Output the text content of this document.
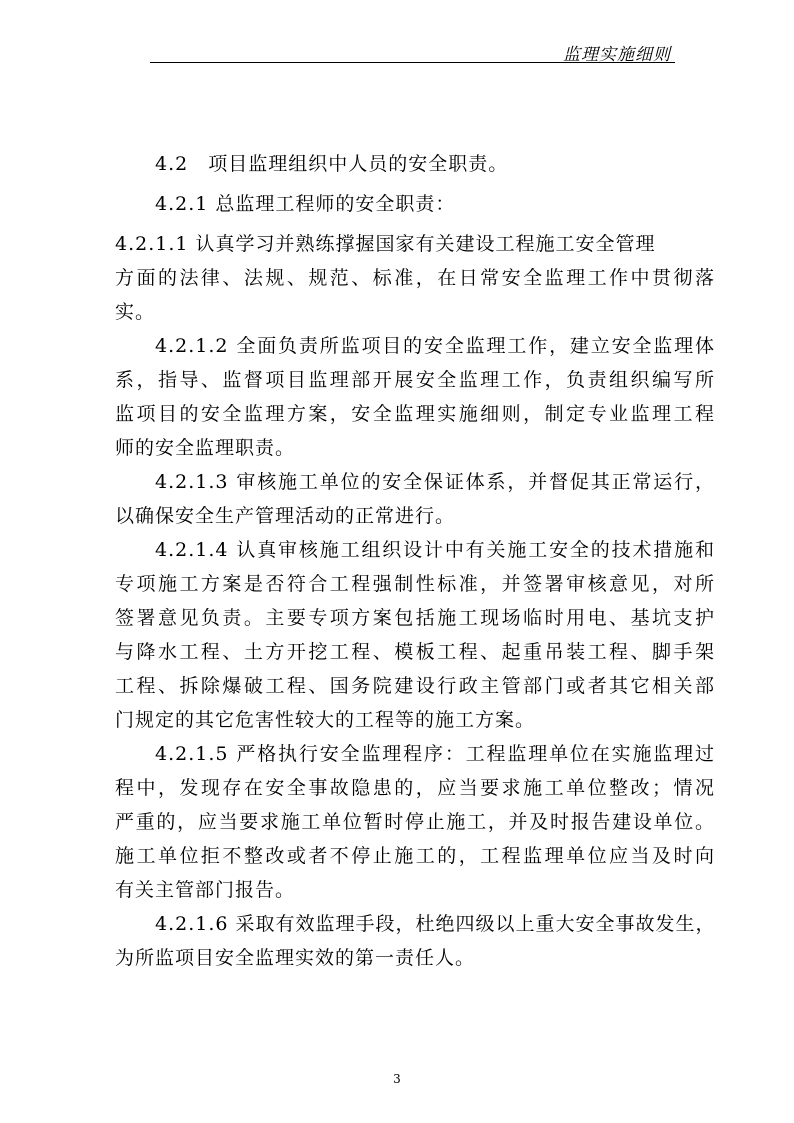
监理实施细则
4.2　项目监理组织中人员的安全职责。
4.2.1 总监理工程师的安全职责：
4.2.1.1 认真学习并熟练撑握国家有关建设工程施工安全管理
方面的法律、法规、规范、标准，在日常安全监理工作中贯彻落
实。
4.2.1.2 全面负责所监项目的安全监理工作，建立安全监理体
系，指导、监督项目监理部开展安全监理工作，负责组织编写所
监项目的安全监理方案，安全监理实施细则，制定专业监理工程
师的安全监理职责。
4.2.1.3 审核施工单位的安全保证体系，并督促其正常运行，
以确保安全生产管理活动的正常进行。
4.2.1.4 认真审核施工组织设计中有关施工安全的技术措施和
专项施工方案是否符合工程强制性标准，并签署审核意见，对所
签署意见负责。主要专项方案包括施工现场临时用电、基坑支护
与降水工程、土方开挖工程、模板工程、起重吊装工程、脚手架
工程、拆除爆破工程、国务院建设行政主管部门或者其它相关部
门规定的其它危害性较大的工程等的施工方案。
4.2.1.5 严格执行安全监理程序：工程监理单位在实施监理过
程中，发现存在安全事故隐患的，应当要求施工单位整改；情况
严重的，应当要求施工单位暂时停止施工，并及时报告建设单位。
施工单位拒不整改或者不停止施工的，工程监理单位应当及时向
有关主管部门报告。
4.2.1.6 采取有效监理手段，杜绝四级以上重大安全事故发生，
为所监项目安全监理实效的第一责任人。
3
